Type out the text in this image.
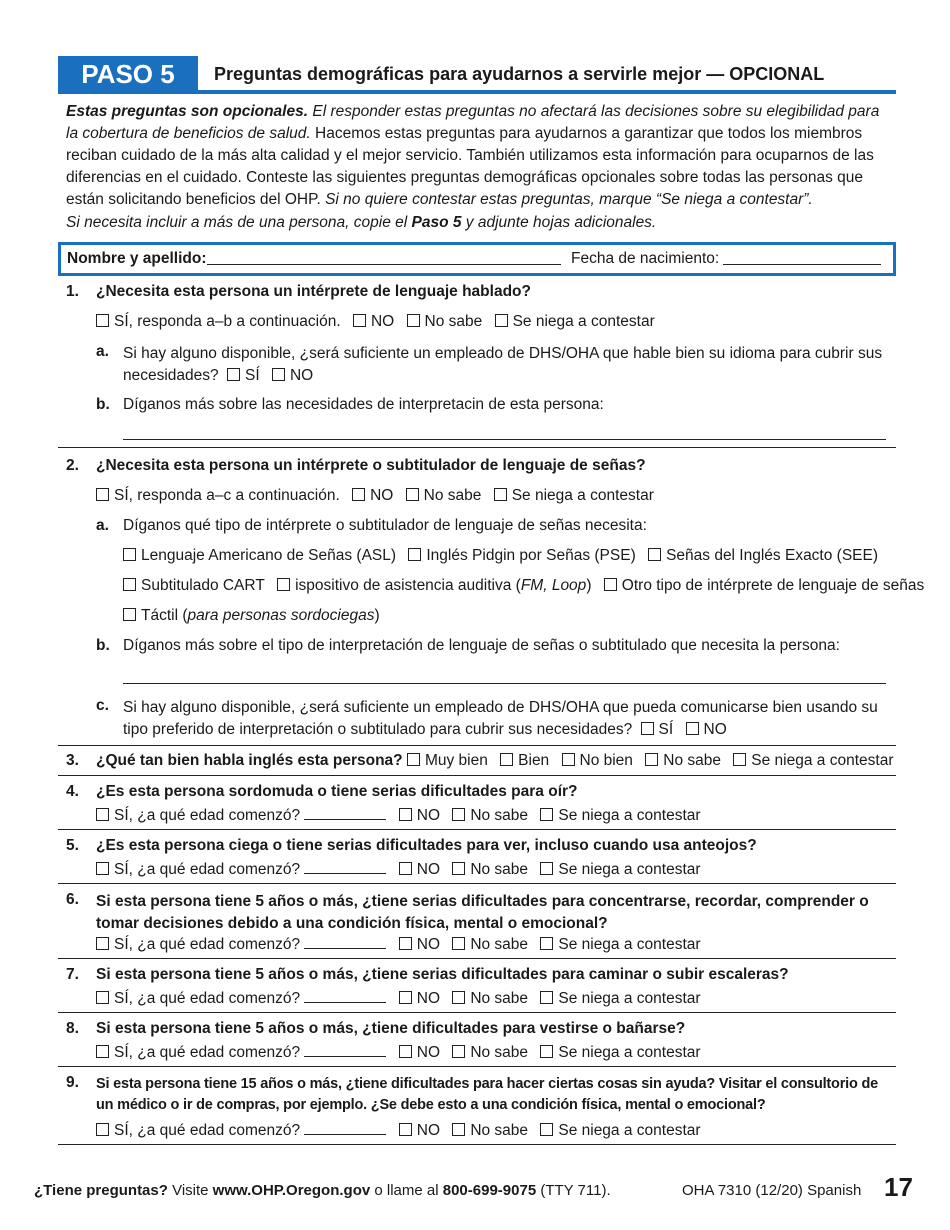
PASO 5	Preguntas demográficas para ayudarnos a servirle mejor — OPCIONAL
Estas preguntas son opcionales. El responder estas preguntas no afectará las decisiones sobre su elegibilidad para la cobertura de beneficios de salud. Hacemos estas preguntas para ayudarnos a garantizar que todos los miembros reciban cuidado de la más alta calidad y el mejor servicio. También utilizamos esta información para ocuparnos de las diferencias en el cuidado. Conteste las siguientes preguntas demográficas opcionales sobre todas las personas que están solicitando beneficios del OHP. Si no quiere contestar estas preguntas, marque “Se niega a contestar”.
Si necesita incluir a más de una persona, copie el Paso 5 y adjunte hojas adicionales.
Nombre y apellido:	Fecha de nacimiento:
1. ¿Necesita esta persona un intérprete de lenguaje hablado?
SÍ, responda a–b a continuación. NO No sabe Se niega a contestar
a. Si hay alguno disponible, ¿será suficiente un empleado de DHS/OHA que hable bien su idioma para cubrir sus necesidades? SÍ NO
b. Díganos más sobre las necesidades de interpretacin de esta persona:
2. ¿Necesita esta persona un intérprete o subtitulador de lenguaje de señas?
SÍ, responda a–c a continuación. NO No sabe Se niega a contestar
a. Díganos qué tipo de intérprete o subtitulador de lenguaje de señas necesita:
Lenguaje Americano de Señas (ASL) Inglés Pidgin por Señas (PSE) Señas del Inglés Exacto (SEE)
Subtitulado CART ispositivo de asistencia auditiva (FM, Loop) Otro tipo de intérprete de lenguaje de señas
Táctil (para personas sordociegas)
b. Díganos más sobre el tipo de interpretación de lenguaje de señas o subtitulado que necesita la persona:
c. Si hay alguno disponible, ¿será suficiente un empleado de DHS/OHA que pueda comunicarse bien usando su tipo preferido de interpretación o subtitulado para cubrir sus necesidades? SÍ NO
3. ¿Qué tan bien habla inglés esta persona? Muy bien Bien No bien No sabe Se niega a contestar
4. ¿Es esta persona sordomuda o tiene serias dificultades para oír?
SÍ, ¿a qué edad comenzó?	NO No sabe Se niega a contestar
5. ¿Es esta persona ciega o tiene serias dificultades para ver, incluso cuando usa anteojos?
SÍ, ¿a qué edad comenzó?	NO No sabe Se niega a contestar
6. Si esta persona tiene 5 años o más, ¿tiene serias dificultades para concentrarse, recordar, comprender o tomar decisiones debido a una condición física, mental o emocional?
SÍ, ¿a qué edad comenzó?	NO No sabe Se niega a contestar
7. Si esta persona tiene 5 años o más, ¿tiene serias dificultades para caminar o subir escaleras?
SÍ, ¿a qué edad comenzó?	NO No sabe Se niega a contestar
8. Si esta persona tiene 5 años o más, ¿tiene dificultades para vestirse o bañarse?
SÍ, ¿a qué edad comenzó?	NO No sabe Se niega a contestar
9. Si esta persona tiene 15 años o más, ¿tiene dificultades para hacer ciertas cosas sin ayuda? Visitar el consultorio de un médico o ir de compras, por ejemplo. ¿Se debe esto a una condición física, mental o emocional?
SÍ, ¿a qué edad comenzó?	NO No sabe Se niega a contestar
¿Tiene preguntas? Visite www.OHP.Oregon.gov o llame al 800-699-9075 (TTY 711).	OHA 7310 (12/20) Spanish 17
